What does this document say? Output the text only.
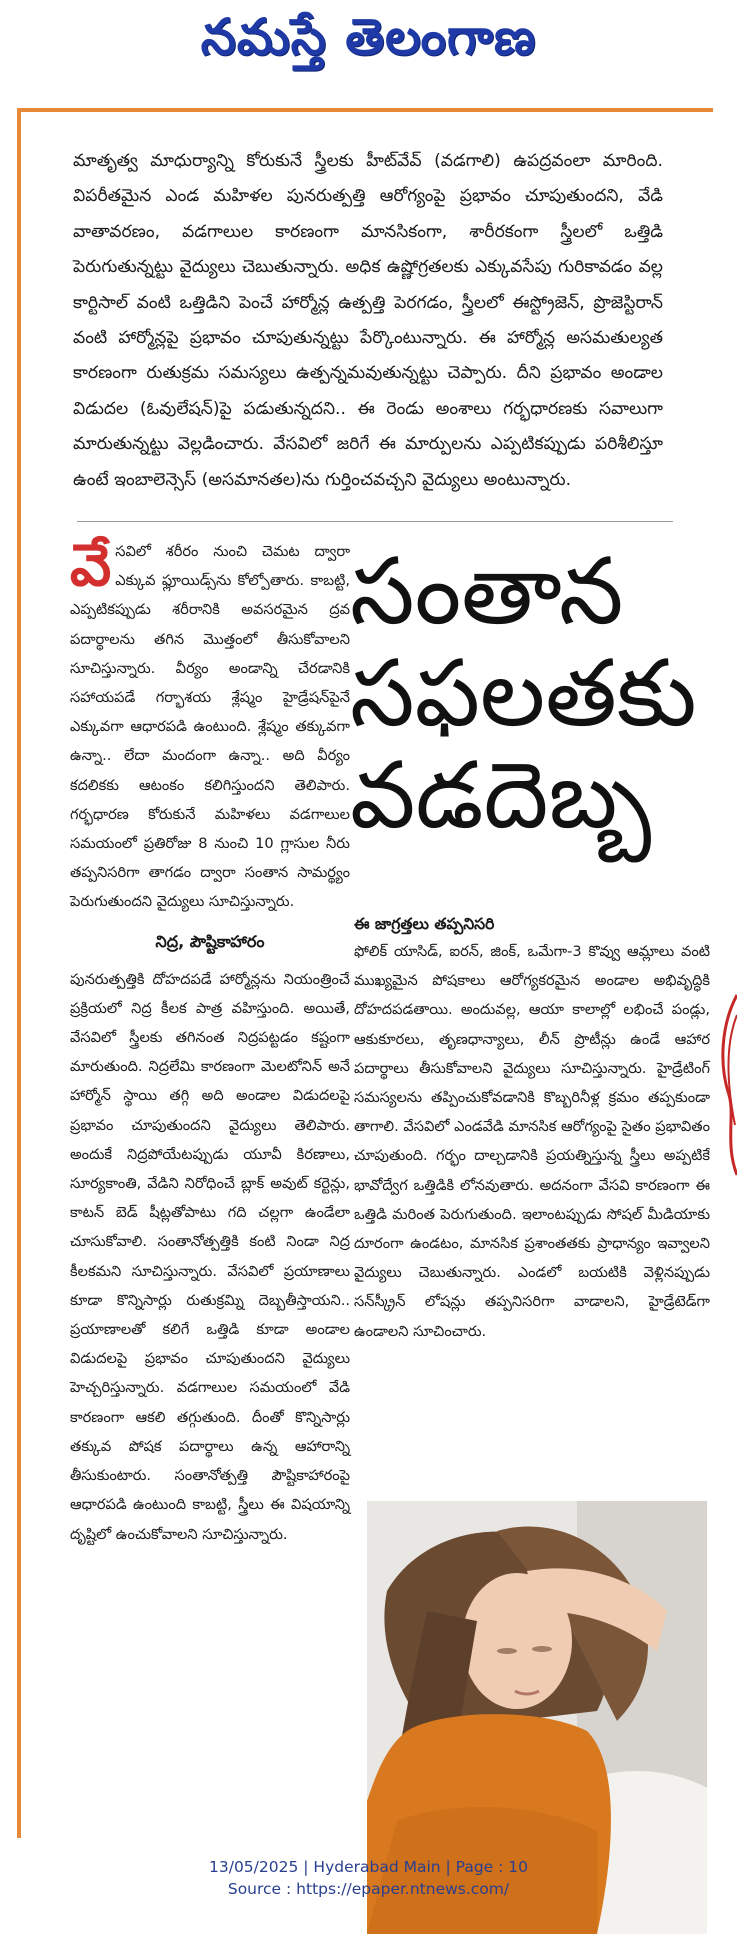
నమస్తే తెలంగాణ
మాతృత్వ మాధుర్యాన్ని కోరుకునే స్త్రీలకు హీట్‌వేవ్ (వడగాలి) ఉపద్రవంలా మారింది. విపరీతమైన ఎండ మహిళల పునరుత్పత్తి ఆరోగ్యంపై ప్రభావం చూపుతుందని, వేడి వాతావరణం, వడగాలుల కారణంగా మానసికంగా, శారీరకంగా స్త్రీలలో ఒత్తిడి పెరుగుతున్నట్టు వైద్యులు చెబుతున్నారు. అధిక ఉష్ణోగ్రతలకు ఎక్కువసేపు గురికావడం వల్ల కార్టిసాల్ వంటి ఒత్తిడిని పెంచే హార్మోన్ల ఉత్పత్తి పెరగడం, స్త్రీలలో ఈస్ట్రోజెన్, ప్రొజెస్టిరాన్ వంటి హార్మోన్లపై ప్రభావం చూపుతున్నట్టు పేర్కొంటున్నారు. ఈ హార్మోన్ల అసమతుల్యత కారణంగా రుతుక్రమ సమస్యలు ఉత్పన్నమవుతున్నట్టు చెప్పారు. దీని ప్రభావం అండాల విడుదల (ఓవులేషన్)పై పడుతున్నదని.. ఈ రెండు అంశాలు గర్భధారణకు సవాలుగా మారుతున్నట్టు వెల్లడించారు. వేసవిలో జరిగే ఈ మార్పులను ఎప్పటికప్పుడు పరిశీలిస్తూ ఉంటే ఇంబాలెన్సెస్ (అసమానతల)ను గుర్తించవచ్చని వైద్యులు అంటున్నారు.
వే సవిలో శరీరం నుంచి చెమట ద్వారా ఎక్కువ ఫ్లూయిడ్స్‌ను కోల్పోతారు. కాబట్టి, ఎప్పటికప్పుడు శరీరానికి అవసరమైన ద్రవ పదార్థాలను తగిన మొత్తంలో తీసుకోవాలని సూచిస్తున్నారు. వీర్యం అండాన్ని చేరడానికి సహాయపడే గర్భాశయ శ్లేష్మం హైడ్రేషన్‌పైనే ఎక్కువగా ఆధారపడి ఉంటుంది. శ్లేష్మం తక్కువగా ఉన్నా.. లేదా మందంగా ఉన్నా.. అది వీర్యం కదలికకు ఆటంకం కలిగిస్తుందని తెలిపారు. గర్భధారణ కోరుకునే మహిళలు వడగాలుల సమయంలో ప్రతిరోజు 8 నుంచి 10 గ్లాసుల నీరు తప్పనిసరిగా తాగడం ద్వారా సంతాన సామర్థ్యం పెరుగుతుందని వైద్యులు సూచిస్తున్నారు.
నిద్ర, పౌష్టికాహారం
పునరుత్పత్తికి దోహదపడే హార్మోన్లను నియంత్రించే ప్రక్రియలో నిద్ర కీలక పాత్ర వహిస్తుంది. అయితే, వేసవిలో స్త్రీలకు తగినంత నిద్రపట్టడం కష్టంగా మారుతుంది. నిద్రలేమి కారణంగా మెలటోనిన్ అనే హార్మోన్ స్థాయి తగ్గి అది అండాల విడుదలపై ప్రభావం చూపుతుందని వైద్యులు తెలిపారు. అందుకే నిద్రపోయేటప్పుడు యూవీ కిరణాలు, సూర్యకాంతి, వేడిని నిరోధించే బ్లాక్ అవుట్ కర్టెన్లు, కాటన్ బెడ్ షీట్లతోపాటు గది చల్లగా ఉండేలా చూసుకోవాలి. సంతానోత్పత్తికి కంటి నిండా నిద్ర కీలకమని సూచిస్తున్నారు. వేసవిలో ప్రయాణాలు కూడా కొన్నిసార్లు రుతుక్రమ్ని దెబ్బతీస్తాయని.. ప్రయాణాలతో కలిగే ఒత్తిడి కూడా అండాల విడుదలపై ప్రభావం చూపుతుందని వైద్యులు హెచ్చరిస్తున్నారు. వడగాలుల సమయంలో వేడి కారణంగా ఆకలి తగ్గుతుంది. దీంతో కొన్నిసార్లు తక్కువ పోషక పదార్థాలు ఉన్న ఆహారాన్ని తీసుకుంటారు. సంతానోత్పత్తి పౌష్టికాహారంపై ఆధారపడి ఉంటుంది కాబట్టి, స్త్రీలు ఈ విషయాన్ని దృష్టిలో ఉంచుకోవాలని సూచిస్తున్నారు.
సంతాన
సఫలతకు
వడదెబ్బ
ఈ జాగ్రత్తలు తప్పనిసరి
ఫోలిక్ యాసిడ్, ఐరన్, జింక్, ఒమేగా-3 కొవ్వు ఆమ్లాలు వంటి ముఖ్యమైన పోషకాలు ఆరోగ్యకరమైన అండాల అభివృద్ధికి దోహదపడతాయి. అందువల్ల, ఆయా కాలాల్లో లభించే పండ్లు, ఆకుకూరలు, తృణధాన్యాలు, లీన్ ప్రొటీన్లు ఉండే ఆహార పదార్థాలు తీసుకోవాలని వైద్యులు సూచిస్తున్నారు. హైడ్రేటింగ్ సమస్యలను తప్పించుకోవడానికి కొబ్బరినీళ్ల క్రమం తప్పకుండా తాగాలి. వేసవిలో ఎండవేడి మానసిక ఆరోగ్యంపై సైతం ప్రభావితం చూపుతుంది. గర్భం దాల్చడానికి ప్రయత్నిస్తున్న స్త్రీలు అప్పటికే భావోద్వేగ ఒత్తిడికి లోనవుతారు. అదనంగా వేసవి కారణంగా ఈ ఒత్తిడి మరింత పెరుగుతుంది. ఇలాంటప్పుడు సోషల్ మీడియాకు దూరంగా ఉండటం, మానసిక ప్రశాంతతకు ప్రాధాన్యం ఇవ్వాలని వైద్యులు చెబుతున్నారు. ఎండలో బయటికి వెళ్లినప్పుడు సన్‌స్క్రీన్ లోషన్లు తప్పనిసరిగా వాడాలని, హైడ్రేటెడ్‌గా ఉండాలని సూచించారు.
13/05/2025 | Hyderabad Main | Page : 10
Source : https://epaper.ntnews.com/
